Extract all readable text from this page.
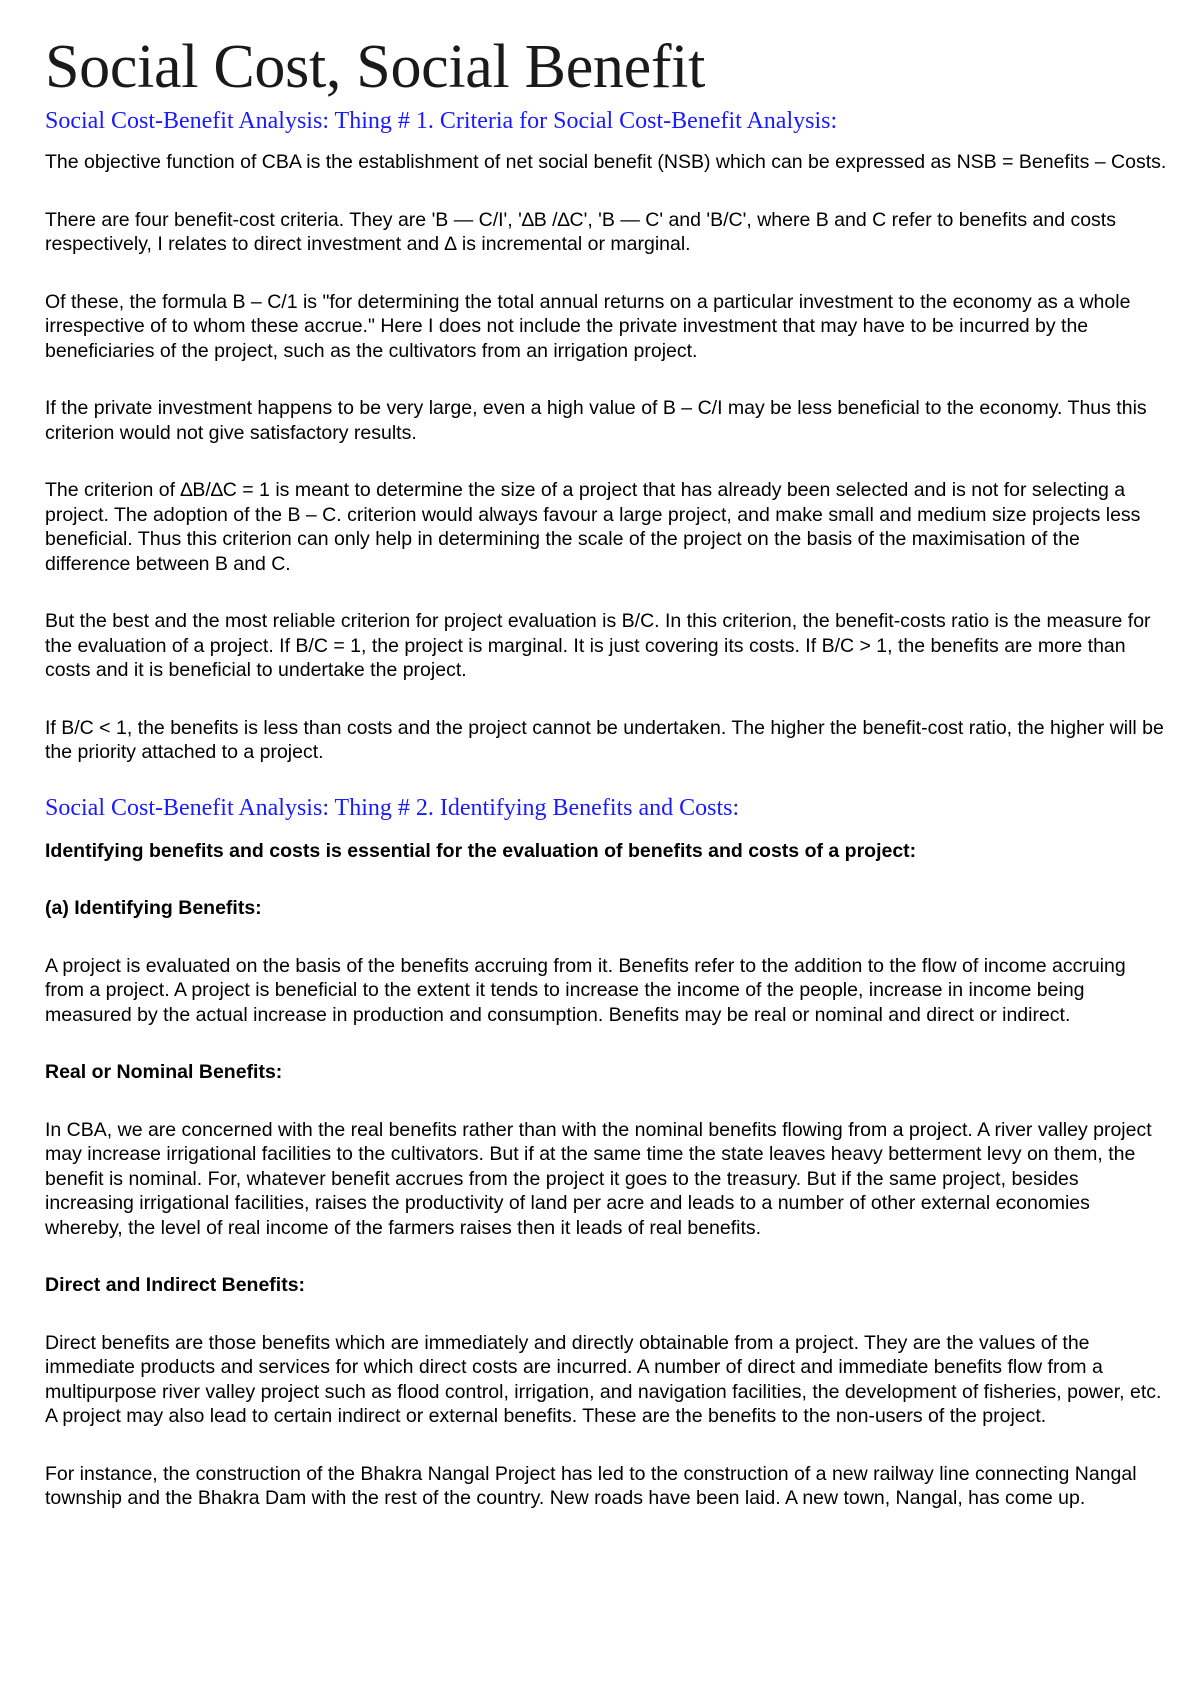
Social Cost, Social Benefit
Social Cost-Benefit Analysis: Thing # 1. Criteria for Social Cost-Benefit Analysis:

The objective function of CBA is the establishment of net social benefit (NSB) which can be expressed as NSB = Benefits – Costs.

There are four benefit-cost criteria. They are 'B — C/I', '∆B /∆C', 'B — C' and 'B/C', where B and C refer to benefits and costs respectively, I relates to direct investment and ∆ is incremental or marginal.

Of these, the formula B – C/1 is "for determining the total annual returns on a particular investment to the economy as a whole irrespective of to whom these accrue." Here I does not include the private investment that may have to be incurred by the beneficiaries of the project, such as the cultivators from an irrigation project.

If the private investment happens to be very large, even a high value of B – C/I may be less beneficial to the economy. Thus this criterion would not give satisfactory results.

The criterion of ∆B/∆C = 1 is meant to determine the size of a project that has already been selected and is not for selecting a project. The adoption of the B – C. criterion would always favour a large project, and make small and medium size projects less beneficial. Thus this criterion can only help in determining the scale of the project on the basis of the maximisation of the difference between B and C.

But the best and the most reliable criterion for project evaluation is B/C. In this criterion, the benefit-costs ratio is the measure for the evaluation of a project. If B/C = 1, the project is marginal. It is just covering its costs. If B/C > 1, the benefits are more than costs and it is beneficial to undertake the project.

If B/C < 1, the benefits is less than costs and the project cannot be undertaken. The higher the benefit-cost ratio, the higher will be the priority attached to a project.

Social Cost-Benefit Analysis: Thing # 2. Identifying Benefits and Costs:

Identifying benefits and costs is essential for the evaluation of benefits and costs of a project:

(a) Identifying Benefits:

A project is evaluated on the basis of the benefits accruing from it. Benefits refer to the addition to the flow of income accruing from a project. A project is beneficial to the extent it tends to increase the income of the people, increase in income being measured by the actual increase in production and consumption. Benefits may be real or nominal and direct or indirect.

Real or Nominal Benefits:

In CBA, we are concerned with the real benefits rather than with the nominal benefits flowing from a project. A river valley project may increase irrigational facilities to the cultivators. But if at the same time the state leaves heavy betterment levy on them, the benefit is nominal. For, whatever benefit accrues from the project it goes to the treasury. But if the same project, besides increasing irrigational facilities, raises the productivity of land per acre and leads to a number of other external economies whereby, the level of real income of the farmers raises then it leads of real benefits.

Direct and Indirect Benefits:

Direct benefits are those benefits which are immediately and directly obtainable from a project. They are the values of the immediate products and services for which direct costs are incurred. A number of direct and immediate benefits flow from a multipurpose river valley project such as flood control, irrigation, and navigation facilities, the development of fisheries, power, etc. A project may also lead to certain indirect or external benefits. These are the benefits to the non-users of the project.

For instance, the construction of the Bhakra Nangal Project has led to the construction of a new railway line connecting Nangal township and the Bhakra Dam with the rest of the country. New roads have been laid. A new town, Nangal, has come up.
